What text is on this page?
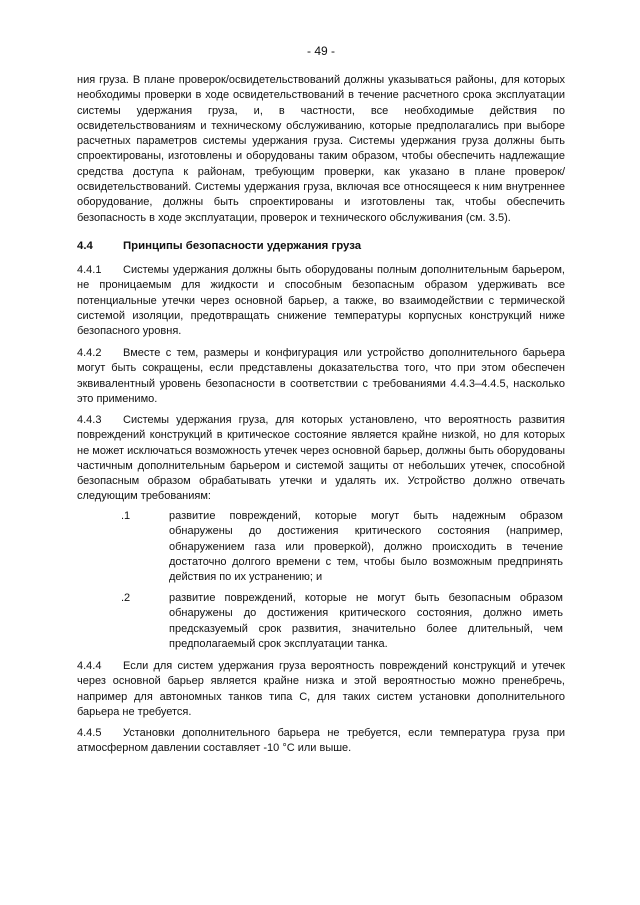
- 49 -
ния груза. В плане проверок/освидетельствований должны указываться районы, для которых необходимы проверки в ходе освидетельствований в течение расчетного срока эксплуатации системы удержания груза, и, в частности, все необходимые действия по освидетельствованиям и техническому обслуживанию, которые предполагались при выборе расчетных параметров системы удержания груза. Системы удержания груза должны быть спроектированы, изготовлены и оборудованы таким образом, чтобы обеспечить надлежащие средства доступа к районам, требующим проверки, как указано в плане проверок/освидетельствований. Системы удержания груза, включая все относящееся к ним внутреннее оборудование, должны быть спроектированы и изготовлены так, чтобы обеспечить безопасность в ходе эксплуатации, проверок и технического обслуживания (см. 3.5).
4.4	Принципы безопасности удержания груза
4.4.1 Системы удержания должны быть оборудованы полным дополнительным барьером, не проницаемым для жидкости и способным безопасным образом удерживать все потенциальные утечки через основной барьер, а также, во взаимодействии с термической системой изоляции, предотвращать снижение температуры корпусных конструкций ниже безопасного уровня.
4.4.2 Вместе с тем, размеры и конфигурация или устройство дополнительного барьера могут быть сокращены, если представлены доказательства того, что при этом обеспечен эквивалентный уровень безопасности в соответствии с требованиями 4.4.3–4.4.5, насколько это применимо.
4.4.3 Системы удержания груза, для которых установлено, что вероятность развития повреждений конструкций в критическое состояние является крайне низкой, но для которых не может исключаться возможность утечек через основной барьер, должны быть оборудованы частичным дополнительным барьером и системой защиты от небольших утечек, способной безопасным образом обрабатывать утечки и удалять их. Устройство должно отвечать следующим требованиям:
.1	развитие повреждений, которые могут быть надежным образом обнаружены до достижения критического состояния (например, обнаружением газа или проверкой), должно происходить в течение достаточно долгого времени с тем, чтобы было возможным предпринять действия по их устранению; и
.2	развитие повреждений, которые не могут быть безопасным образом обнаружены до достижения критического состояния, должно иметь предсказуемый срок развития, значительно более длительный, чем предполагаемый срок эксплуатации танка.
4.4.4 Если для систем удержания груза вероятность повреждений конструкций и утечек через основной барьер является крайне низка и этой вероятностью можно пренебречь, например для автономных танков типа C, для таких систем установки дополнительного барьера не требуется.
4.4.5 Установки дополнительного барьера не требуется, если температура груза при атмосферном давлении составляет -10 °C или выше.
